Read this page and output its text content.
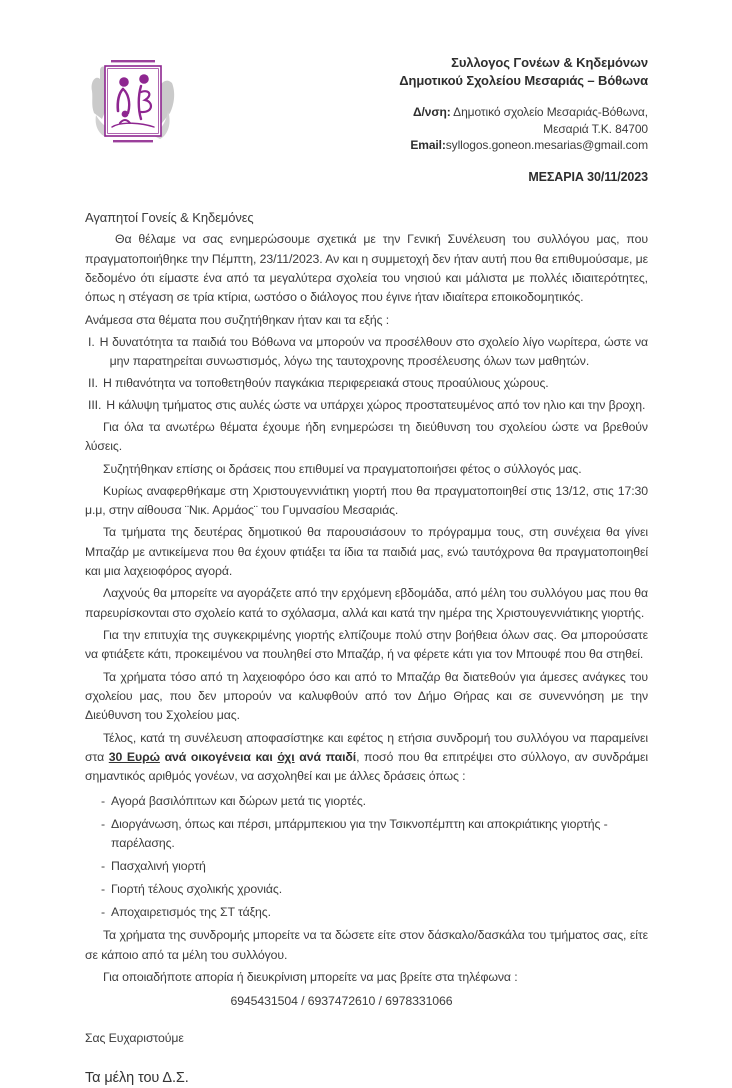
Συλλογος Γονέων & Κηδεμόνων
Δημοτικού Σχολείου Μεσαριάς – Βόθωνα
Δ/νση: Δημοτικό σχολείο Μεσαριάς-Βόθωνα,
Μεσαριά Τ.Κ. 84700
Email:syllogos.goneon.mesarias@gmail.com
ΜΕΣΑΡΙΑ 30/11/2023
Αγαπητοί Γονείς & Κηδεμόνες

Θα θέλαμε να σας ενημερώσουμε σχετικά με την Γενική Συνέλευση του συλλόγου μας, που πραγματοποιήθηκε την Πέμπτη, 23/11/2023. Αν και η συμμετοχή δεν ήταν αυτή που θα επιθυμούσαμε, με δεδομένο ότι είμαστε ένα από τα μεγαλύτερα σχολεία του νησιού και μάλιστα με πολλές ιδιαιτερότητες, όπως η στέγαση σε τρία κτίρια, ωστόσο ο διάλογος που έγινε ήταν ιδιαίτερα εποικοδομητικός.

Ανάμεσα στα θέματα που συζητήθηκαν ήταν και τα εξής :

I. Η δυνατότητα τα παιδιά του Βόθωνα να μπορούν να προσέλθουν στο σχολείο λίγο νωρίτερα, ώστε να μην παρατηρείται συνωστισμός, λόγω της ταυτοχρονης προσέλευσης όλων των μαθητών.
II. Η πιθανότητα να τοποθετηθούν παγκάκια περιφερειακά στους προαύλιους χώρους.
III. Η κάλυψη τμήματος στις αυλές ώστε να υπάρχει χώρος προστατευμένος από τον ηλιο και την βροχη.

Για όλα τα ανωτέρω θέματα έχουμε ήδη ενημερώσει τη διεύθυνση του σχολείου ώστε να βρεθούν λύσεις.

Συζητήθηκαν επίσης οι δράσεις που επιθυμεί να πραγματοποιήσει φέτος ο σύλλογός μας.

Κυρίως αναφερθήκαμε στη Χριστουγεννιάτικη γιορτή που θα πραγματοποιηθεί στις 13/12, στις 17:30 μ.μ, στην αίθουσα ¨Νικ. Αρμάος¨ του Γυμνασίου Μεσαριάς.

Τα τμήματα της δευτέρας δημοτικού θα παρουσιάσουν το πρόγραμμα τους, στη συνέχεια θα γίνει Μπαζάρ με αντικείμενα που θα έχουν φτιάξει τα ίδια τα παιδιά μας, ενώ ταυτόχρονα θα πραγματοποιηθεί και μια λαχειοφόρος αγορά.

Λαχνούς θα μπορείτε να αγοράζετε από την ερχόμενη εβδομάδα, από μέλη του συλλόγου μας που θα παρευρίσκονται στο σχολείο κατά το σχόλασμα, αλλά και κατά την ημέρα της Χριστουγεννιάτικης γιορτής.

Για την επιτυχία της συγκεκριμένης γιορτής ελπίζουμε πολύ στην βοήθεια όλων σας. Θα μπορούσατε να φτιάξετε κάτι, προκειμένου να πουληθεί στο Μπαζάρ, ή να φέρετε κάτι για τον Μπουφέ που θα στηθεί.

Τα χρήματα τόσο από τη λαχειοφόρο όσο και από το Μπαζάρ θα διατεθούν για άμεσες ανάγκες του σχολείου μας, που δεν μπορούν να καλυφθούν από τον Δήμο Θήρας και σε συνεννόηση με την Διεύθυνση του Σχολείου μας.

Τέλος, κατά τη συνέλευση αποφασίστηκε και εφέτος η ετήσια συνδρομή του συλλόγου να παραμείνει στα 30 Ευρώ ανά οικογένεια και όχι ανά παιδί, ποσό που θα επιτρέψει στο σύλλογο, αν συνδράμει σημαντικός αριθμός γονέων, να ασχοληθεί και με άλλες δράσεις όπως :

- Αγορά βασιλόπιτων και δώρων μετά τις γιορτές.
- Διοργάνωση, όπως και πέρσι, μπάρμπεκιου για την Τσικνοπέμπτη και αποκριάτικης γιορτής - παρέλασης.
- Πασχαλινή γιορτή
- Γιορτή τέλους σχολικής χρονιάς.
- Αποχαιρετισμός της ΣΤ τάξης.

Τα χρήματα της συνδρομής μπορείτε να τα δώσετε είτε στον δάσκαλο/δασκάλα του τμήματος σας, είτε σε κάποιο από τα μέλη του συλλόγου.

Για οποιαδήποτε απορία ή διευκρίνιση μπορείτε να μας βρείτε στα τηλέφωνα :

6945431504 / 6937472610 / 6978331066
Σας Ευχαριστούμε
Τα μέλη του Δ.Σ.
